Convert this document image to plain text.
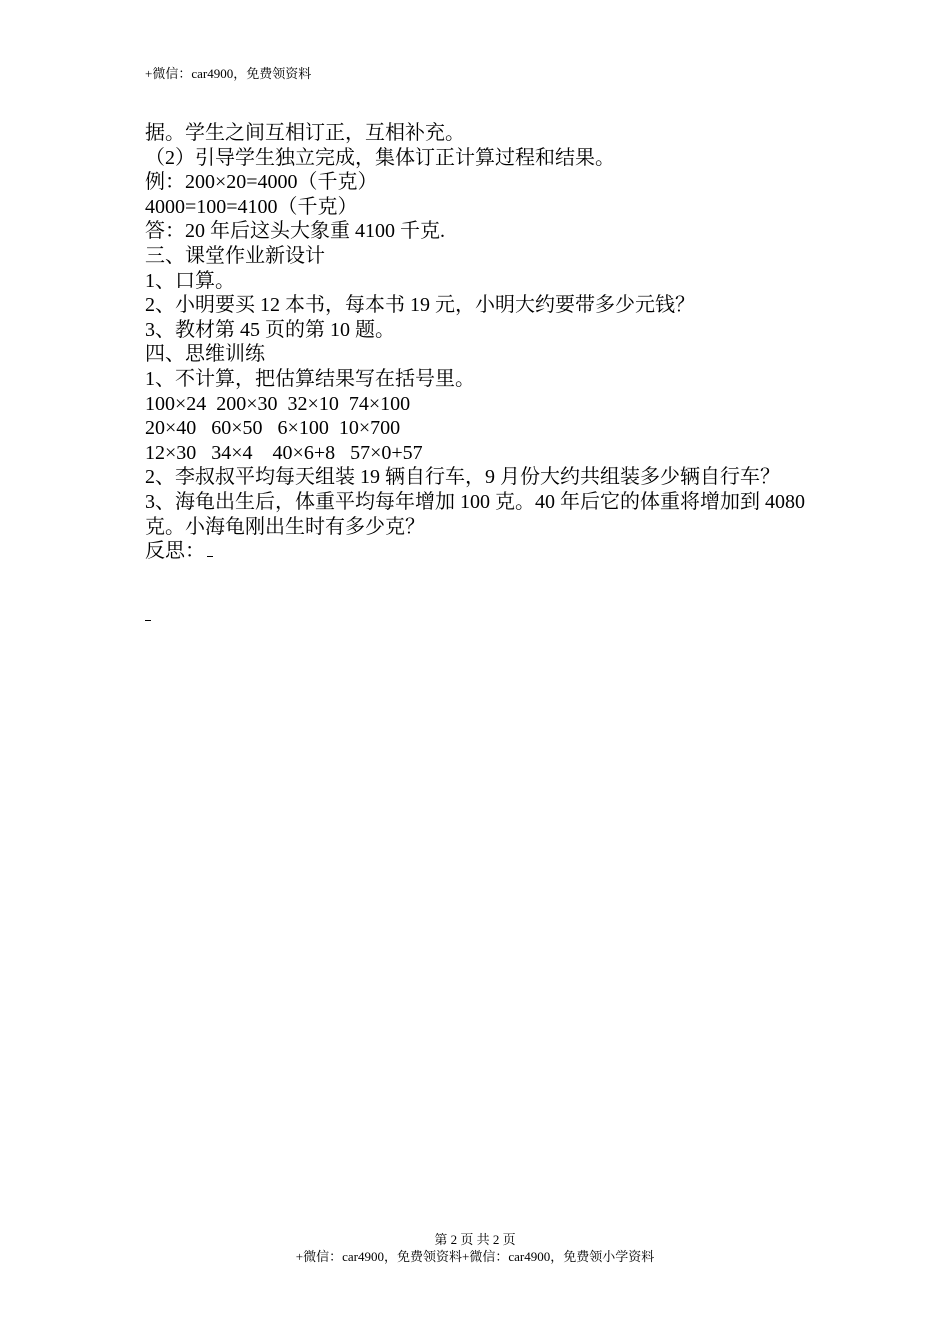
+微信：car4900，免费领资料
据。学生之间互相订正，互相补充。
（2）引导学生独立完成，集体订正计算过程和结果。
例：200×20=4000（千克）
4000=100=4100（千克）
答：20 年后这头大象重 4100 千克.
三、课堂作业新设计
1、口算。
2、小明要买 12 本书，每本书 19 元，小明大约要带多少元钱？
3、教材第 45 页的第 10 题。
四、思维训练
1、不计算，把估算结果写在括号里。
100×24  200×30  32×10  74×100
20×40   60×50   6×100  10×700
12×30   34×4    40×6+8   57×0+57
2、李叔叔平均每天组装 19 辆自行车，9 月份大约共组装多少辆自行车？
3、海龟出生后，体重平均每年增加 100 克。40 年后它的体重将增加到 4080 克。小海龟刚出生时有多少克？
反思：
第 2 页 共 2 页
+微信：car4900，免费领资料+微信：car4900，免费领小学资料
